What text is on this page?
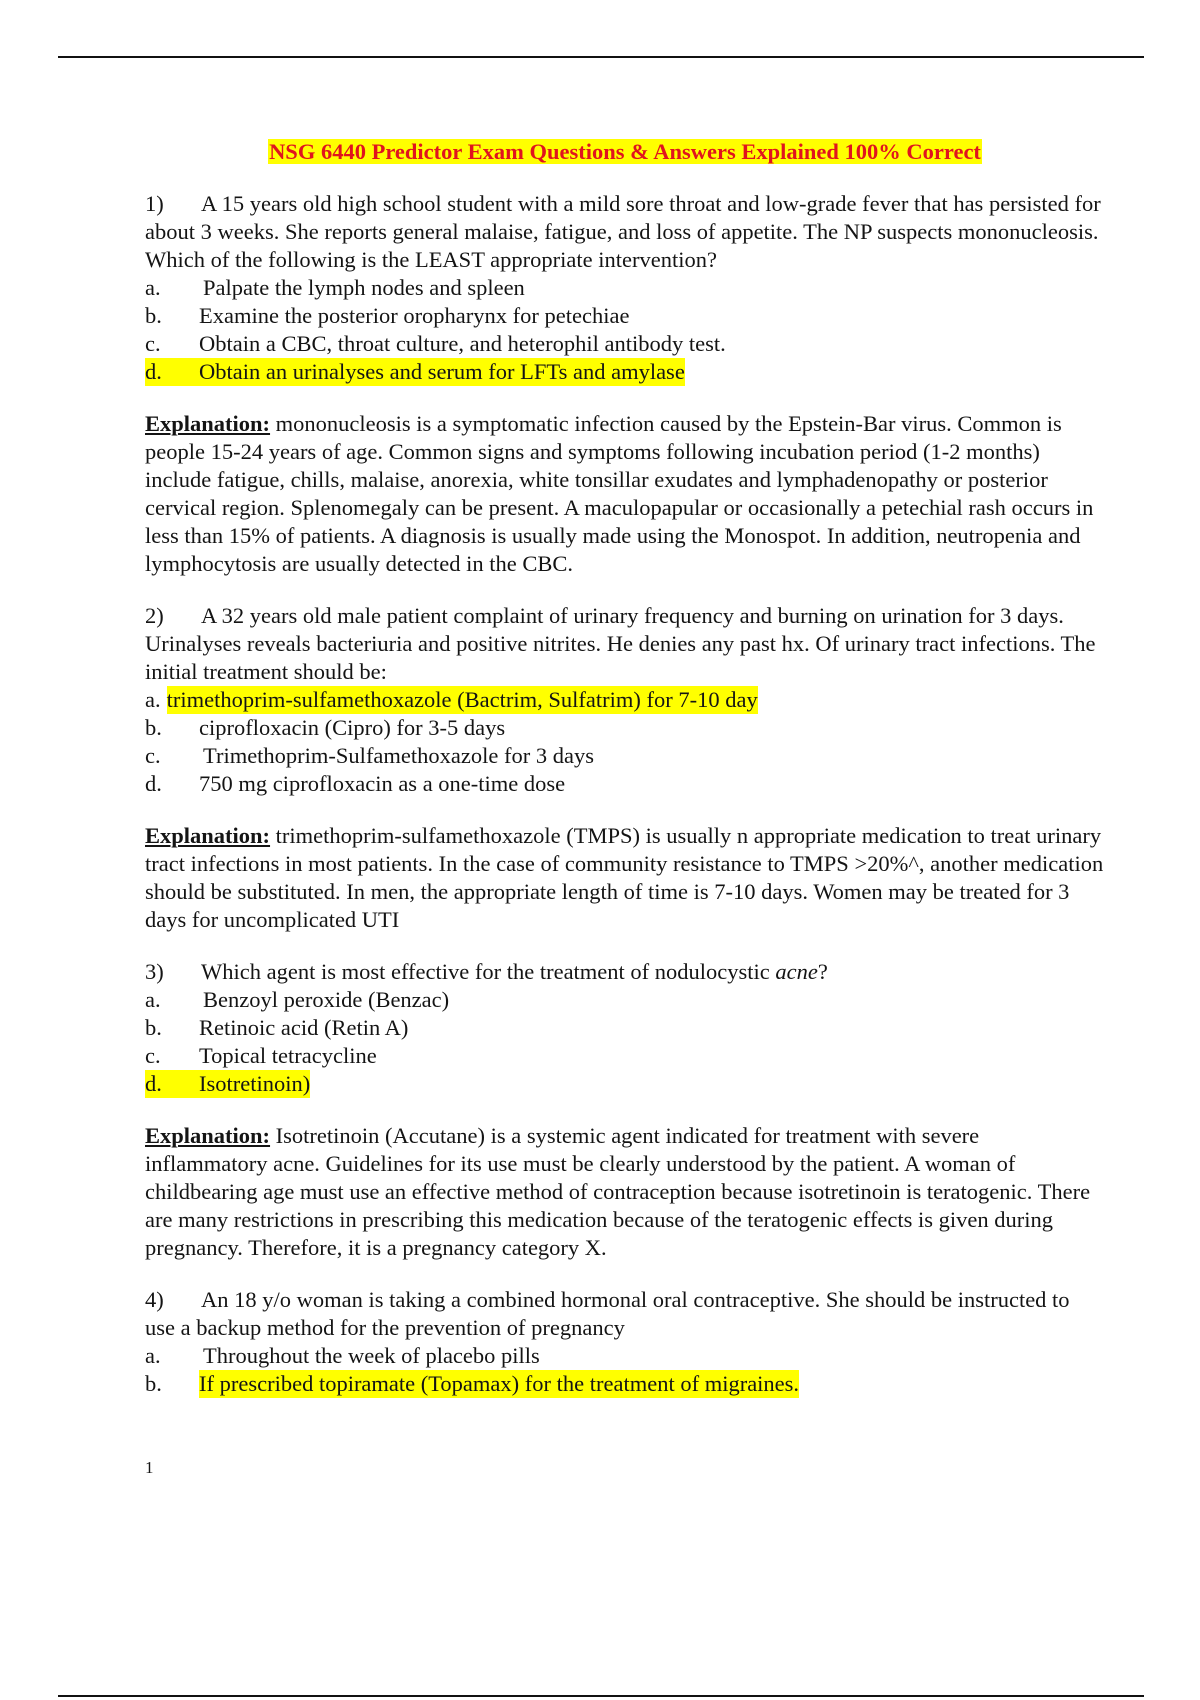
NSG 6440 Predictor Exam Questions & Answers Explained 100% Correct
1) A 15 years old high school student with a mild sore throat and low-grade fever that has persisted for about 3 weeks. She reports general malaise, fatigue, and loss of appetite. The NP suspects mononucleosis. Which of the following is the LEAST appropriate intervention?
a.	Palpate the lymph nodes and spleen
b.	Examine the posterior oropharynx for petechiae
c.	Obtain a CBC, throat culture, and heterophil antibody test.
d.	Obtain an urinalyses and serum for LFTs and amylase
Explanation: mononucleosis is a symptomatic infection caused by the Epstein-Bar virus. Common is people 15-24 years of age. Common signs and symptoms following incubation period (1-2 months) include fatigue, chills, malaise, anorexia, white tonsillar exudates and lymphadenopathy or posterior cervical region. Splenomegaly can be present. A maculopapular or occasionally a petechial rash occurs in less than 15% of patients. A diagnosis is usually made using the Monospot. In addition, neutropenia and lymphocytosis are usually detected in the CBC.
2) A 32 years old male patient complaint of urinary frequency and burning on urination for 3 days. Urinalyses reveals bacteriuria and positive nitrites. He denies any past hx. Of urinary tract infections. The initial treatment should be:
a. trimethoprim-sulfamethoxazole (Bactrim, Sulfatrim) for 7-10 day
b.	ciprofloxacin (Cipro) for 3-5 days
c.	Trimethoprim-Sulfamethoxazole for 3 days
d.	750 mg ciprofloxacin as a one-time dose
Explanation: trimethoprim-sulfamethoxazole (TMPS) is usually n appropriate medication to treat urinary tract infections in most patients. In the case of community resistance to TMPS >20%^, another medication should be substituted. In men, the appropriate length of time is 7-10 days. Women may be treated for 3 days for uncomplicated UTI
3) Which agent is most effective for the treatment of nodulocystic acne?
a.	Benzoyl peroxide (Benzac)
b.	Retinoic acid (Retin A)
c.	Topical tetracycline
d.	Isotretinoin)
Explanation: Isotretinoin (Accutane) is a systemic agent indicated for treatment with severe inflammatory acne. Guidelines for its use must be clearly understood by the patient. A woman of childbearing age must use an effective method of contraception because isotretinoin is teratogenic. There are many restrictions in prescribing this medication because of the teratogenic effects is given during pregnancy. Therefore, it is a pregnancy category X.
4) An 18 y/o woman is taking a combined hormonal oral contraceptive. She should be instructed to use a backup method for the prevention of pregnancy
a.	Throughout the week of placebo pills
b.	If prescribed topiramate (Topamax) for the treatment of migraines.
1
